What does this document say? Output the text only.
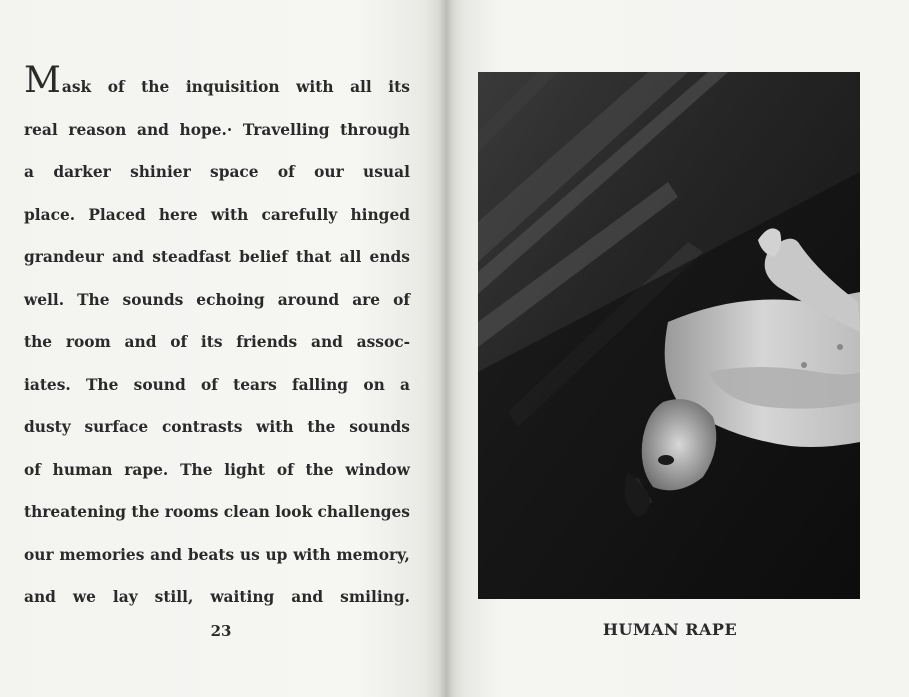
Mask of the inquisition with all its
real reason and hope.· Travelling through
a darker shinier space of our usual
place. Placed here with carefully hinged
grandeur and steadfast belief that all ends
well. The sounds echoing around are of
the room and of its friends and assoc-
iates. The sound of tears falling on a
dusty surface contrasts with the sounds
of human rape. The light of the window
threatening the rooms clean look challenges
our memories and beats us up with memory,
and we lay still, waiting and smiling.
23	HUMAN RAPE
